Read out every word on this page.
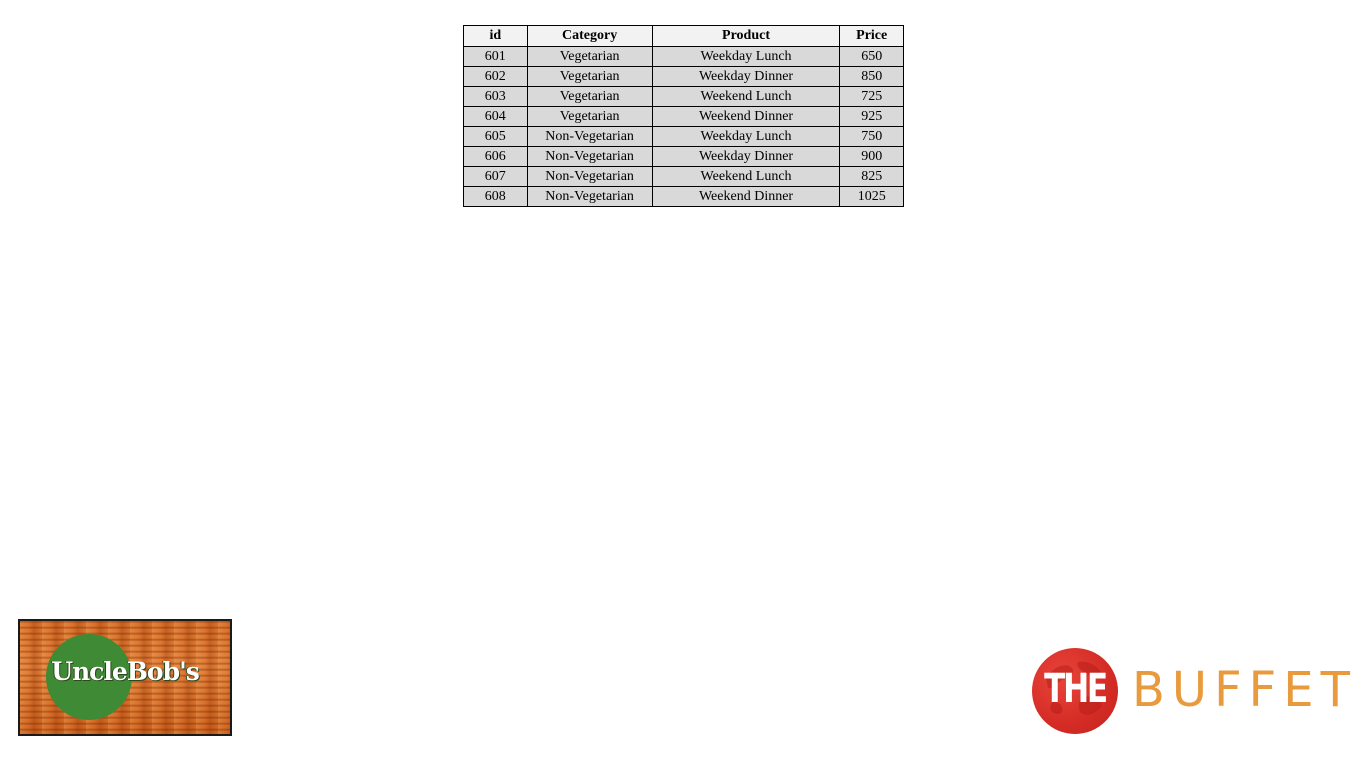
id	Category	Product	Price
601	Vegetarian	Weekday Lunch	650
602	Vegetarian	Weekday Dinner	850
603	Vegetarian	Weekend Lunch	725
604	Vegetarian	Weekend Dinner	925
605	Non-Vegetarian	Weekday Lunch	750
606	Non-Vegetarian	Weekday Dinner	900
607	Non-Vegetarian	Weekend Lunch	825
608	Non-Vegetarian	Weekend Dinner	1025
UncleBob's	THE BUFFET
